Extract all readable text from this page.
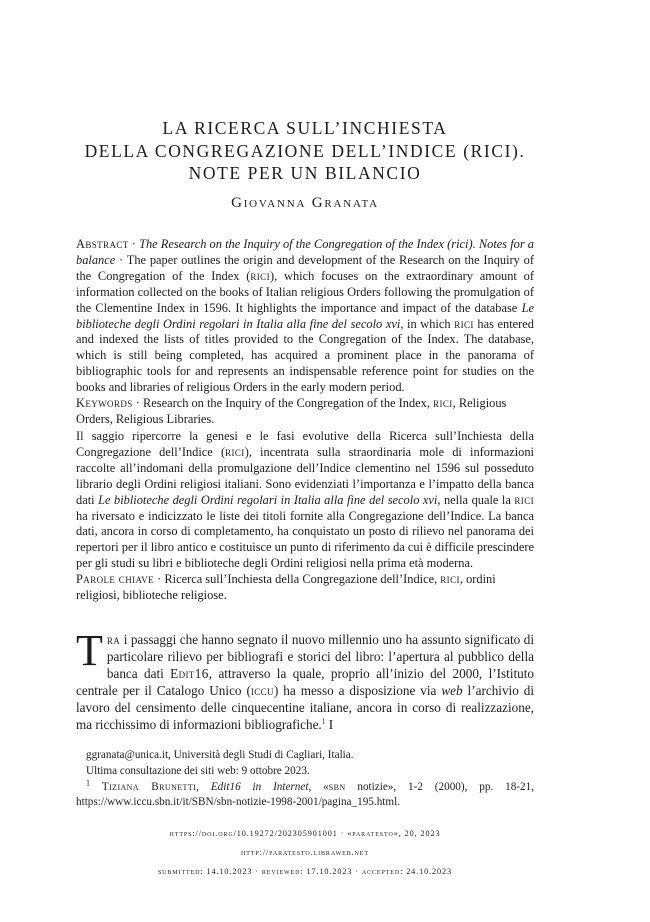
LA RICERCA SULL’INCHIESTA
DELLA CONGREGAZIONE DELL’INDICE (RICI).
NOTE PER UN BILANCIO
Giovanna Granata

Abstract · The Research on the Inquiry of the Congregation of the Index (rici). Notes for a balance · The paper outlines the origin and development of the Research on the Inquiry of the Congregation of the Index (rici), which focuses on the extraordinary amount of information collected on the books of Italian religious Orders following the promulgation of the Clementine Index in 1596. It highlights the importance and impact of the database Le biblioteche degli Ordini regolari in Italia alla fine del secolo xvi, in which rici has entered and indexed the lists of titles provided to the Congregation of the Index. The database, which is still being completed, has acquired a prominent place in the panorama of bibliographic tools for and represents an indispensable reference point for studies on the books and libraries of religious Orders in the early modern period.

Keywords · Research on the Inquiry of the Congregation of the Index, rici, Religious Orders, Religious Libraries.

Il saggio ripercorre la genesi e le fasi evolutive della Ricerca sull’Inchiesta della Congregazione dell’Indice (rici), incentrata sulla straordinaria mole di informazioni raccolte all’indomani della promulgazione dell’Indice clementino nel 1596 sul posseduto librario degli Ordini religiosi italiani. Sono evidenziati l’importanza e l’impatto della banca dati Le biblioteche degli Ordini regolari in Italia alla fine del secolo xvi, nella quale la rici ha riversato e indicizzato le liste dei titoli fornite alla Congregazione dell’Indice. La banca dati, ancora in corso di completamento, ha conquistato un posto di rilievo nel panorama dei repertori per il libro antico e costituisce un punto di riferimento da cui è difficile prescindere per gli studi su libri e biblioteche degli Ordini religiosi nella prima età moderna.

Parole chiave · Ricerca sull’Inchiesta della Congregazione dell’Indice, rici, ordini religiosi, biblioteche religiose.

Tra i passaggi che hanno segnato il nuovo millennio uno ha assunto significato di particolare rilievo per bibliografi e storici del libro: l’apertura al pubblico della banca dati Edit16, attraverso la quale, proprio all’inizio del 2000, l’Istituto centrale per il Catalogo Unico (iccu) ha messo a disposizione via web l’archivio di lavoro del censimento delle cinquecentine italiane, ancora in corso di realizzazione, ma ricchissimo di informazioni bibliografiche.$^1$ I

ggranata@unica.it, Università degli Studi di Cagliari, Italia.

Ultima consultazione dei siti web: 9 ottobre 2023.

$^1$ Tiziana Brunetti, Edit16 in Internet, «sbn notizie», 1-2 (2000), pp. 18-21, https://www.iccu.sbn.it/it/SBN/sbn-notizie-1998-2001/pagina_195.html.

https://doi.org/10.19272/202305901001 · «paratesto», 20, 2023
http://paratesto.libraweb.net
submitted: 14.10.2023 · reviewed: 17.10.2023 · accepted: 24.10.2023
